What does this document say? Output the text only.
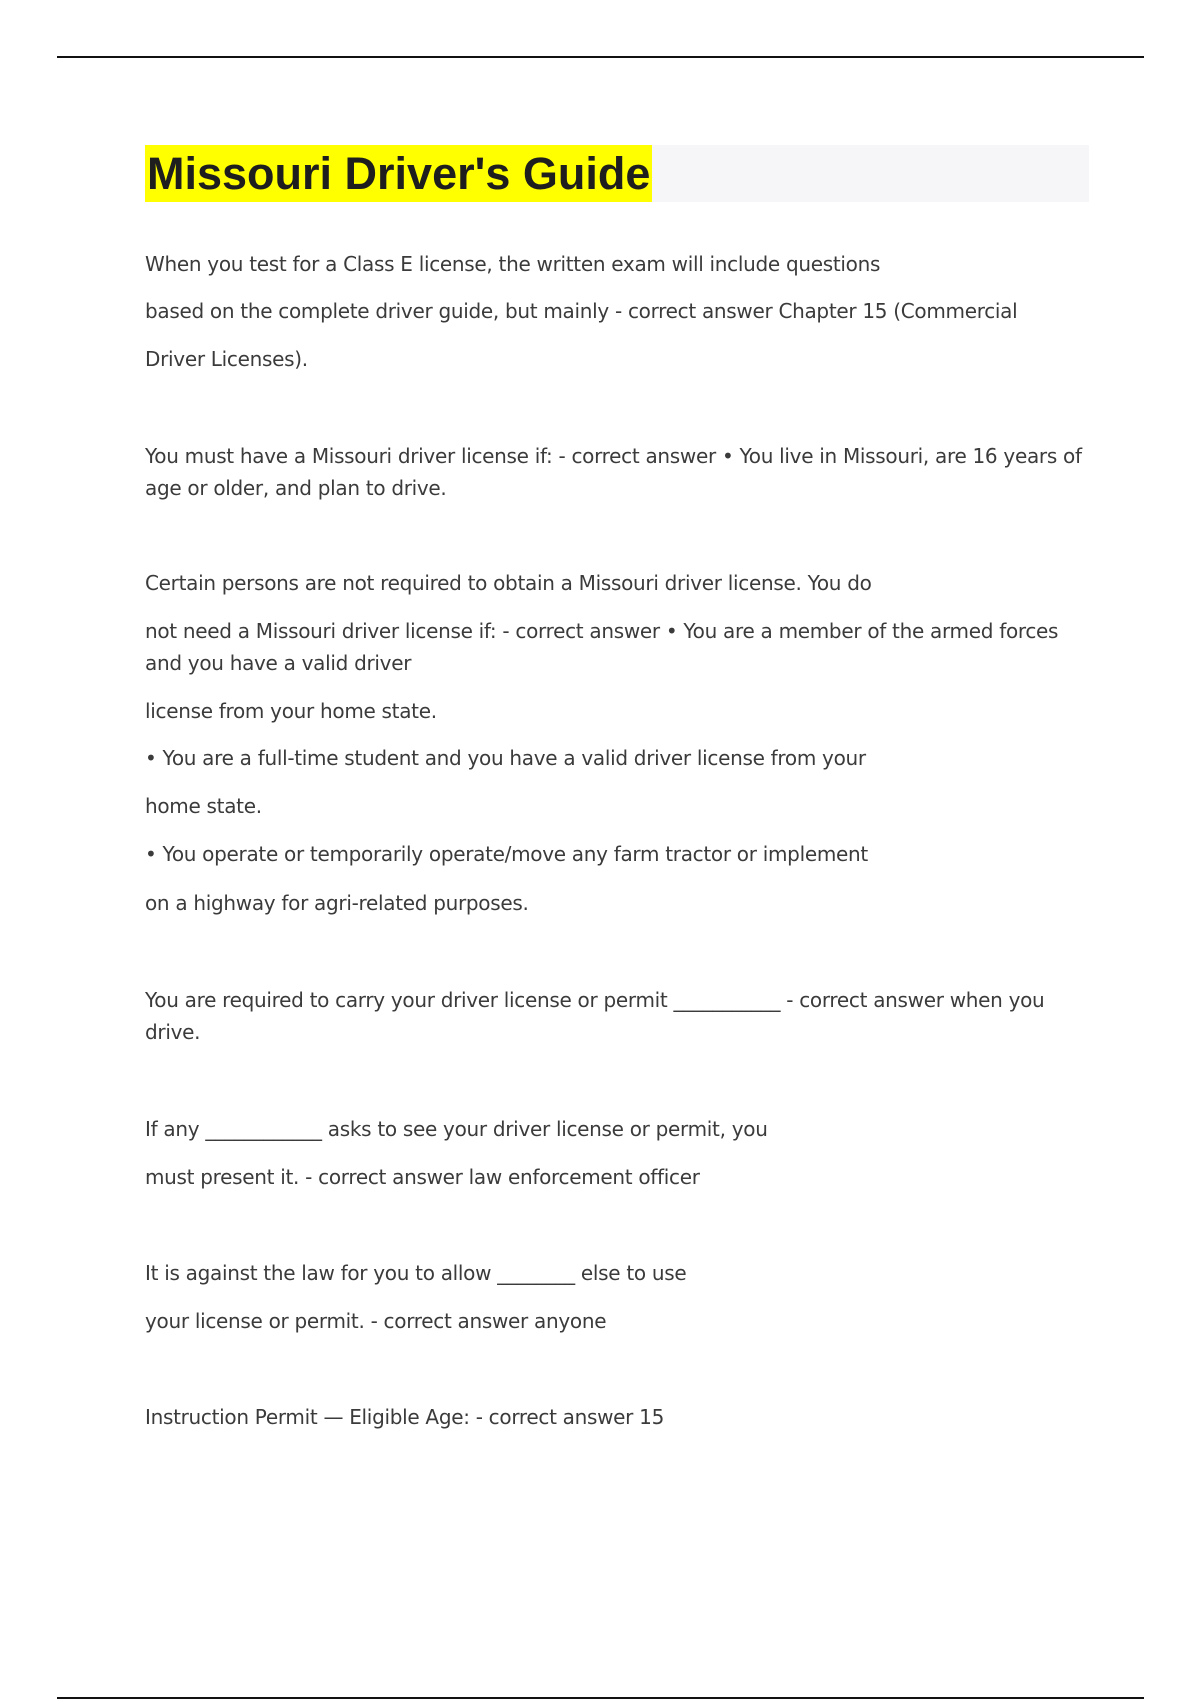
Missouri Driver's Guide
When you test for a Class E license, the written exam will include questions
based on the complete driver guide, but mainly - correct answer Chapter 15 (Commercial
Driver Licenses).
You must have a Missouri driver license if: - correct answer • You live in Missouri, are 16 years of
age or older, and plan to drive.
Certain persons are not required to obtain a Missouri driver license. You do
not need a Missouri driver license if: - correct answer • You are a member of the armed forces
and you have a valid driver
license from your home state.
• You are a full-time student and you have a valid driver license from your
home state.
• You operate or temporarily operate/move any farm tractor or implement
on a highway for agri-related purposes.
You are required to carry your driver license or permit ___________ - correct answer when you
drive.
If any ____________ asks to see your driver license or permit, you
must present it. - correct answer law enforcement officer
It is against the law for you to allow ________ else to use
your license or permit. - correct answer anyone
Instruction Permit — Eligible Age: - correct answer 15
